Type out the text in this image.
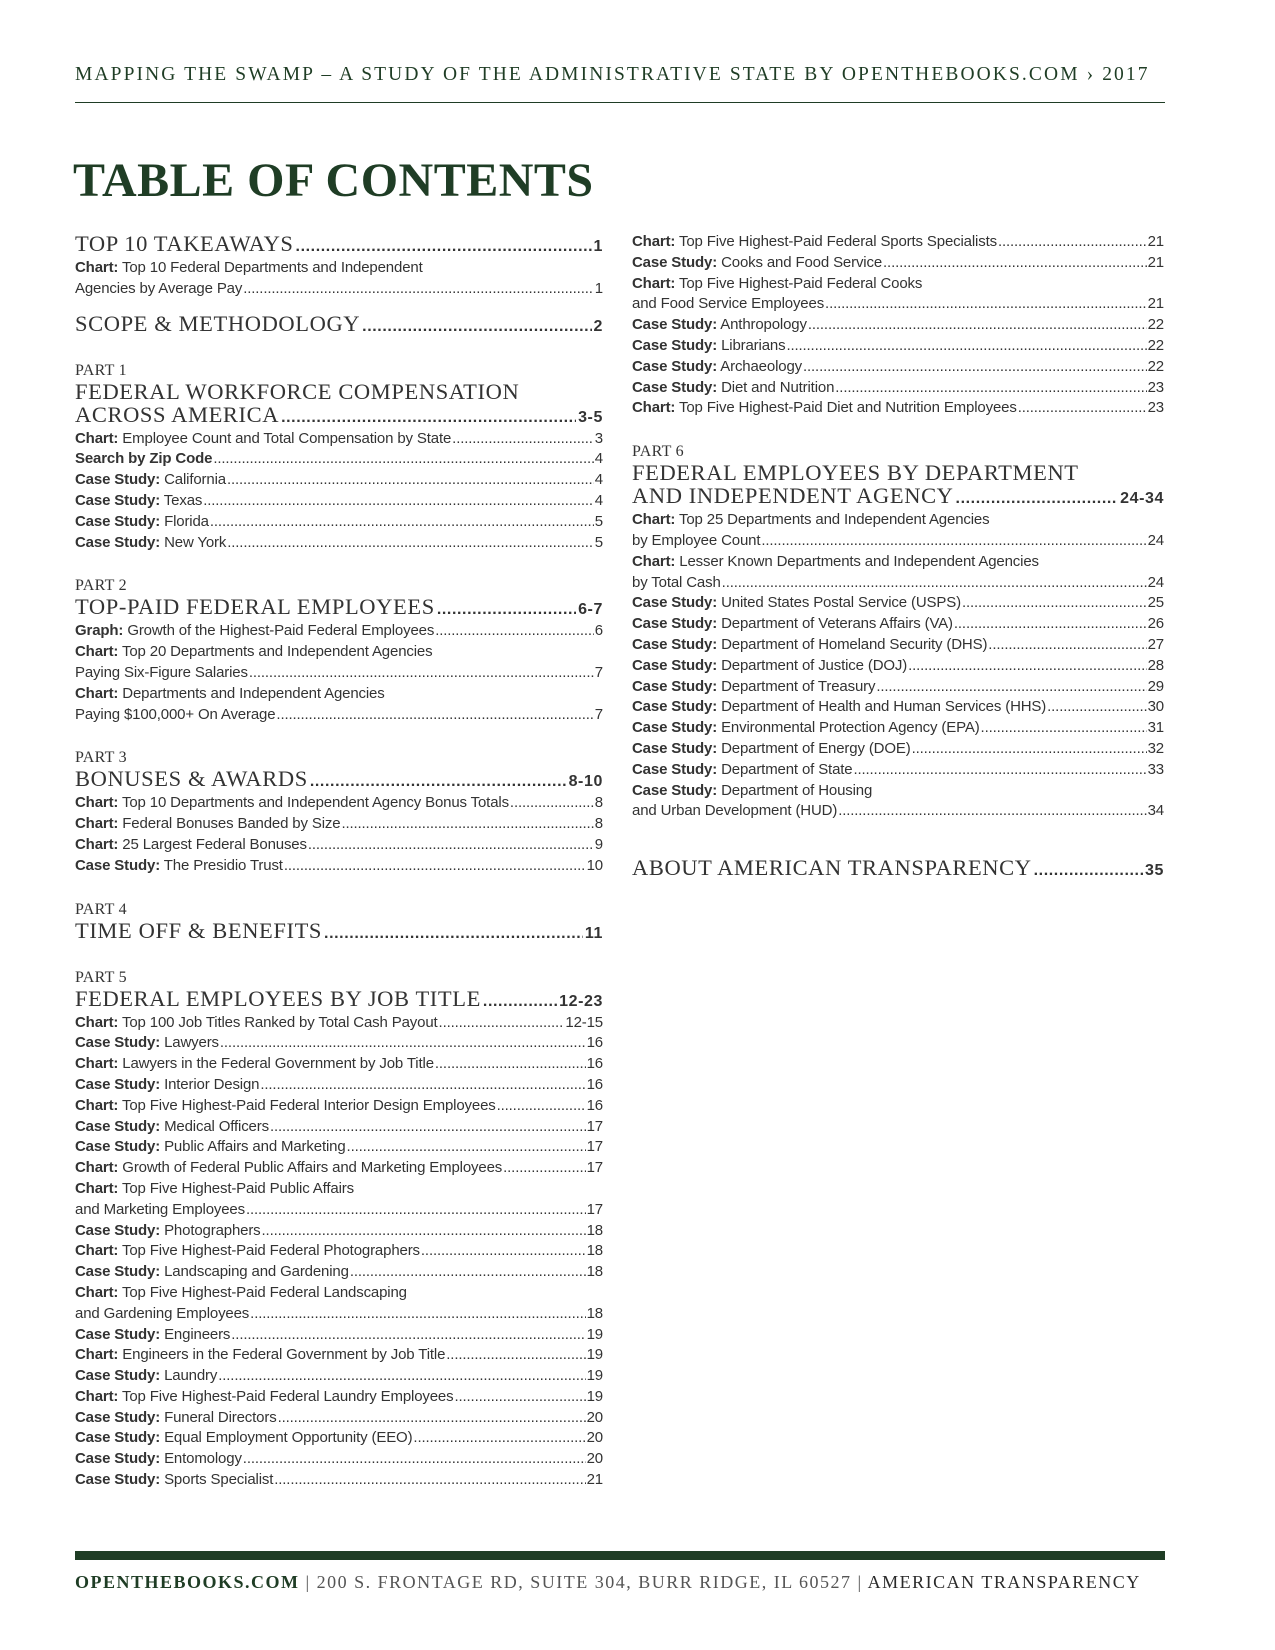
MAPPING THE SWAMP – A STUDY OF THE ADMINISTRATIVE STATE BY OPENTHEBOOKS.COM › 2017
TABLE OF CONTENTS
TOP 10 TAKEAWAYS .....	1
Chart: Top 10 Federal Departments and Independent
Agencies by Average Pay .....	1
SCOPE & METHODOLOGY .....	2
PART 1
FEDERAL WORKFORCE COMPENSATION
ACROSS AMERICA .....	3-5
Chart: Employee Count and Total Compensation by State .....	3
Search by Zip Code .....	4
Case Study: California .....	4
Case Study: Texas .....	4
Case Study: Florida .....	5
Case Study: New York .....	5
PART 2
TOP-PAID FEDERAL EMPLOYEES .....	6-7
Graph: Growth of the Highest-Paid Federal Employees .....	6
Chart: Top 20 Departments and Independent Agencies
Paying Six-Figure Salaries .....	7
Chart: Departments and Independent Agencies
Paying $100,000+ On Average .....	7
PART 3
BONUSES & AWARDS .....	8-10
Chart: Top 10 Departments and Independent Agency Bonus Totals .....	8
Chart: Federal Bonuses Banded by Size .....	8
Chart: 25 Largest Federal Bonuses .....	9
Case Study: The Presidio Trust .....	10
PART 4
TIME OFF & BENEFITS .....	11
PART 5
FEDERAL EMPLOYEES BY JOB TITLE .....	12-23
Chart: Top 100 Job Titles Ranked by Total Cash Payout .....	12-15
Case Study: Lawyers .....	16
Chart: Lawyers in the Federal Government by Job Title .....	16
Case Study: Interior Design .....	16
Chart: Top Five Highest-Paid Federal Interior Design Employees .....	16
Case Study: Medical Officers .....	17
Case Study: Public Affairs and Marketing .....	17
Chart: Growth of Federal Public Affairs and Marketing Employees .....	17
Chart: Top Five Highest-Paid Public Affairs
and Marketing Employees .....	17
Case Study: Photographers .....	18
Chart: Top Five Highest-Paid Federal Photographers .....	18
Case Study: Landscaping and Gardening .....	18
Chart: Top Five Highest-Paid Federal Landscaping
and Gardening Employees .....	18
Case Study: Engineers .....	19
Chart: Engineers in the Federal Government by Job Title .....	19
Case Study: Laundry .....	19
Chart: Top Five Highest-Paid Federal Laundry Employees .....	19
Case Study: Funeral Directors .....	20
Case Study: Equal Employment Opportunity (EEO) .....	20
Case Study: Entomology .....	20
Case Study: Sports Specialist .....	21
Chart: Top Five Highest-Paid Federal Sports Specialists .....	21
Case Study: Cooks and Food Service .....	21
Chart: Top Five Highest-Paid Federal Cooks
and Food Service Employees .....	21
Case Study: Anthropology .....	22
Case Study: Librarians .....	22
Case Study: Archaeology .....	22
Case Study: Diet and Nutrition .....	23
Chart: Top Five Highest-Paid Diet and Nutrition Employees .....	23
PART 6
FEDERAL EMPLOYEES BY DEPARTMENT
AND INDEPENDENT AGENCY .....	24-34
Chart: Top 25 Departments and Independent Agencies
by Employee Count .....	24
Chart: Lesser Known Departments and Independent Agencies
by Total Cash .....	24
Case Study: United States Postal Service (USPS) .....	25
Case Study: Department of Veterans Affairs (VA) .....	26
Case Study: Department of Homeland Security (DHS) .....	27
Case Study: Department of Justice (DOJ) .....	28
Case Study: Department of Treasury .....	29
Case Study: Department of Health and Human Services (HHS) .....	30
Case Study: Environmental Protection Agency (EPA) .....	31
Case Study: Department of Energy (DOE) .....	32
Case Study: Department of State .....	33
Case Study: Department of Housing
and Urban Development (HUD) .....	34
ABOUT AMERICAN TRANSPARENCY .....	35
OPENTHEBOOKS.COM | 200 S. FRONTAGE RD, SUITE 304, BURR RIDGE, IL 60527 | AMERICAN TRANSPARENCY
